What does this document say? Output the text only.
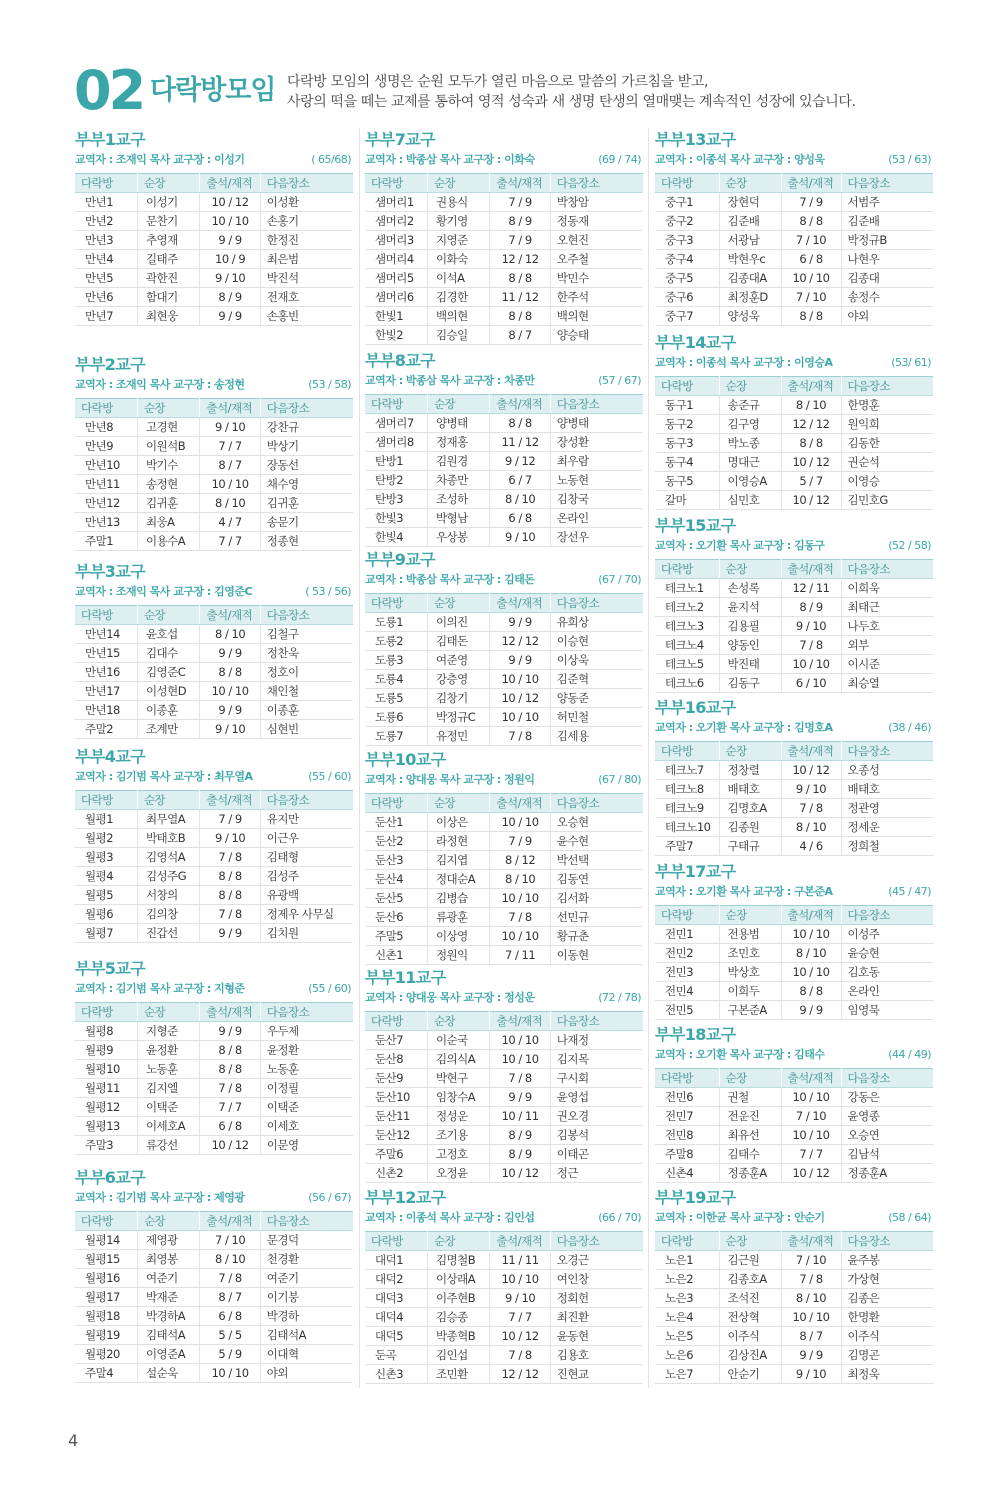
02 다락방모임 다락방 모임의 생명은 순원 모두가 열린 마음으로 말씀의 가르침을 받고,
사랑의 떡을 떼는 교제를 통하여 영적 성숙과 새 생명 탄생의 열매맺는 계속적인 성장에 있습니다.
부부1교구
교역자 : 조재익 목사 교구장 : 이성기	( 65/68)
다락방	순장	출석/재적	다음장소
만년1	이성기	10 / 12	이성환
만년2	문찬기	10 / 10	손홍기
만년3	추영재	9 / 9	한정진
만년4	길태주	10 / 9	최은범
만년5	곽한진	9 / 10	박진석
만년6	함대기	8 / 9	전재호
만년7	최현웅	9 / 9	손홍빈
부부2교구
교역자 : 조재익 목사 교구장 : 송정현	(53 / 58)
다락방	순장	출석/재적	다음장소
만년8	고경현	9 / 10	강찬규
만년9	이원석B	7 / 7	박상기
만년10	박기수	8 / 7	장동선
만년11	송정현	10 / 10	채수영
만년12	김귀훈	8 / 10	김귀훈
만년13	최웅A	4 / 7	송문기
주말1	이용수A	7 / 7	정종현
부부3교구
교역자 : 조재익 목사 교구장 : 김영준C	( 53 / 56)
다락방	순장	출석/재적	다음장소
만년14	윤호섭	8 / 10	김철구
만년15	김대수	9 / 9	정찬욱
만년16	김영준C	8 / 8	정호이
만년17	이성현D	10 / 10	채인철
만년18	이종훈	9 / 9	이종훈
주말2	조계만	9 / 10	심현빈
부부4교구
교역자 : 김기범 목사 교구장 : 최무열A	(55 / 60)
다락방	순장	출석/재적	다음장소
월평1	최무열A	7 / 9	유지만
월평2	박태호B	9 / 10	이근우
월평3	김영석A	7 / 8	김태형
월평4	김성주G	8 / 8	김성주
월평5	서창의	8 / 8	유광백
월평6	김의창	7 / 8	정제우 사무실
월평7	진갑선	9 / 9	김치원
부부5교구
교역자 : 김기범 목사 교구장 : 지형준	(55 / 60)
다락방	순장	출석/재적	다음장소
월평8	지형준	9 / 9	우두제
월평9	윤정환	8 / 8	윤정환
월평10	노동훈	8 / 8	노동훈
월평11	김지엘	7 / 8	이정필
월평12	이택준	7 / 7	이택준
월평13	이세호A	6 / 8	이세호
주말3	류강선	10 / 12	이문영
부부6교구
교역자 : 김기범 목사 교구장 : 제영광	(56 / 67)
다락방	순장	출석/재적	다음장소
월평14	제영광	7 / 10	문경덕
월평15	최영봉	8 / 10	천경환
월평16	여준기	7 / 8	여준기
월평17	박재준	8 / 7	이기붕
월평18	박경하A	6 / 8	박경하
월평19	김태석A	5 / 5	김태석A
월평20	이영준A	5 / 9	이대혁
주말4	설순욱	10 / 10	야외
부부7교구
교역자 : 박종삼 목사 교구장 : 이화숙	(69 / 74)
다락방	순장	출석/재적	다음장소
샘머리1	권용식	7 / 9	박창암
샘머리2	황기영	8 / 9	정동재
샘머리3	지영준	7 / 9	오현진
샘머리4	이화숙	12 / 12	오주철
샘머리5	이석A	8 / 8	박민수
샘머리6	김경한	11 / 12	한주석
한빛1	백의현	8 / 8	백의현
한빛2	김승일	8 / 7	양승태
부부8교구
교역자 : 박종삼 목사 교구장 : 차종만	(57 / 67)
다락방	순장	출석/재적	다음장소
샘머리7	양병태	8 / 8	양병태
샘머리8	정재홍	11 / 12	장성환
탄방1	김원경	9 / 12	최우람
탄방2	차종만	6 / 7	노동현
탄방3	조성하	8 / 10	김창국
한빛3	박형남	6 / 8	온라인
한빛4	우상봉	9 / 10	장선우
부부9교구
교역자 : 박종삼 목사 교구장 : 김태돈	(67 / 70)
다락방	순장	출석/재적	다음장소
도룡1	이의진	9 / 9	유희상
도룡2	김태돈	12 / 12	이승현
도룡3	여준영	9 / 9	이상욱
도룡4	강층영	10 / 10	김준혁
도룡5	김창기	10 / 12	양동준
도룡6	박정규C	10 / 10	허민철
도룡7	유정민	7 / 8	김세용
부부10교구
교역자 : 양대웅 목사 교구장 : 정원익	(67 / 80)
다락방	순장	출석/재적	다음장소
둔산1	이상은	10 / 10	오승현
둔산2	라정현	7 / 9	윤수현
둔산3	김지엽	8 / 12	박선택
둔산4	정대순A	8 / 10	김동연
둔산5	김병습	10 / 10	김서화
둔산6	류광훈	7 / 8	선민규
주말5	이상영	10 / 10	황규춘
신촌1	정원익	7 / 11	이동현
부부11교구
교역자 : 양대웅 목사 교구장 : 정성운	(72 / 78)
다락방	순장	출석/재적	다음장소
둔산7	이순국	10 / 10	나재정
둔산8	김의식A	10 / 10	김지목
둔산9	박현구	7 / 8	구시회
둔산10	임창수A	9 / 9	윤영섭
둔산11	정성운	10 / 11	권오경
둔산12	조기용	8 / 9	김봉석
주말6	고정호	8 / 9	이태곤
신촌2	오정윤	10 / 12	정근
부부12교구
교역자 : 이종석 목사 교구장 : 김인섭	(66 / 70)
다락방	순장	출석/재적	다음장소
대덕1	김명철B	11 / 11	오경근
대덕2	이상래A	10 / 10	여인창
대덕3	이주현B	9 / 10	정회헌
대덕4	김승종	7 / 7	최진환
대덕5	박종혁B	10 / 12	윤동현
둔곡	김인섭	7 / 8	김용호
신촌3	조민환	12 / 12	진현교
부부13교구
교역자 : 이종석 목사 교구장 : 양성욱	(53 / 63)
다락방	순장	출석/재적	다음장소
중구1	장현덕	7 / 9	서범주
중구2	김준배	8 / 8	김준배
중구3	서광남	7 / 10	박정규B
중구4	박현우c	6 / 8	나현우
중구5	김종대A	10 / 10	김종대
중구6	최정훈D	7 / 10	송정수
중구7	양성욱	8 / 8	야외
부부14교구
교역자 : 이종석 목사 교구장 : 이영승A	(53/ 61)
다락방	순장	출석/재적	다음장소
동구1	송준규	8 / 10	한명훈
동구2	김구영	12 / 12	원익희
동구3	박노종	8 / 8	김동한
동구4	명대근	10 / 12	권순석
동구5	이영승A	5 / 7	이영승
갈마	심민호	10 / 12	김민호G
부부15교구
교역자 : 오기환 목사 교구장 : 김동구	(52 / 58)
다락방	순장	출석/재적	다음장소
테크노1	손성록	12 / 11	이희욱
테크노2	윤지석	8 / 9	최태근
테크노3	김용필	9 / 10	나두호
테크노4	양동인	7 / 8	외부
테크노5	박진태	10 / 10	이시준
테크노6	김동구	6 / 10	최승열
부부16교구
교역자 : 오기환 목사 교구장 : 김명호A	(38 / 46)
다락방	순장	출석/재적	다음장소
테크노7	정창렬	10 / 12	오종성
테크노8	배태호	9 / 10	배태호
테크노9	김명호A	7 / 8	정관영
테크노10	김종원	8 / 10	정세운
주말7	구태규	4 / 6	정희철
부부17교구
교역자 : 오기환 목사 교구장 : 구본준A	(45 / 47)
다락방	순장	출석/재적	다음장소
전민1	전용범	10 / 10	이성주
전민2	조민호	8 / 10	윤승현
전민3	박상호	10 / 10	김호동
전민4	이희두	8 / 8	온라인
전민5	구본준A	9 / 9	임영묵
부부18교구
교역자 : 오기환 목사 교구장 : 김태수	(44 / 49)
다락방	순장	출석/재적	다음장소
전민6	권철	10 / 10	강동은
전민7	전운진	7 / 10	윤영종
전민8	최유선	10 / 10	오승연
주말8	김태수	7 / 7	김남석
신촌4	정종훈A	10 / 12	정종훈A
부부19교구
교역자 : 이한균 목사 교구장 : 안순기	(58 / 64)
다락방	순장	출석/재적	다음장소
노은1	김근원	7 / 10	윤주봉
노은2	김종호A	7 / 8	가상현
노은3	조석진	8 / 10	김종은
노은4	전상혁	10 / 10	한명환
노은5	이주식	8 / 7	이주식
노은6	김상진A	9 / 9	김명곤
노은7	안순기	9 / 10	최정욱
4
